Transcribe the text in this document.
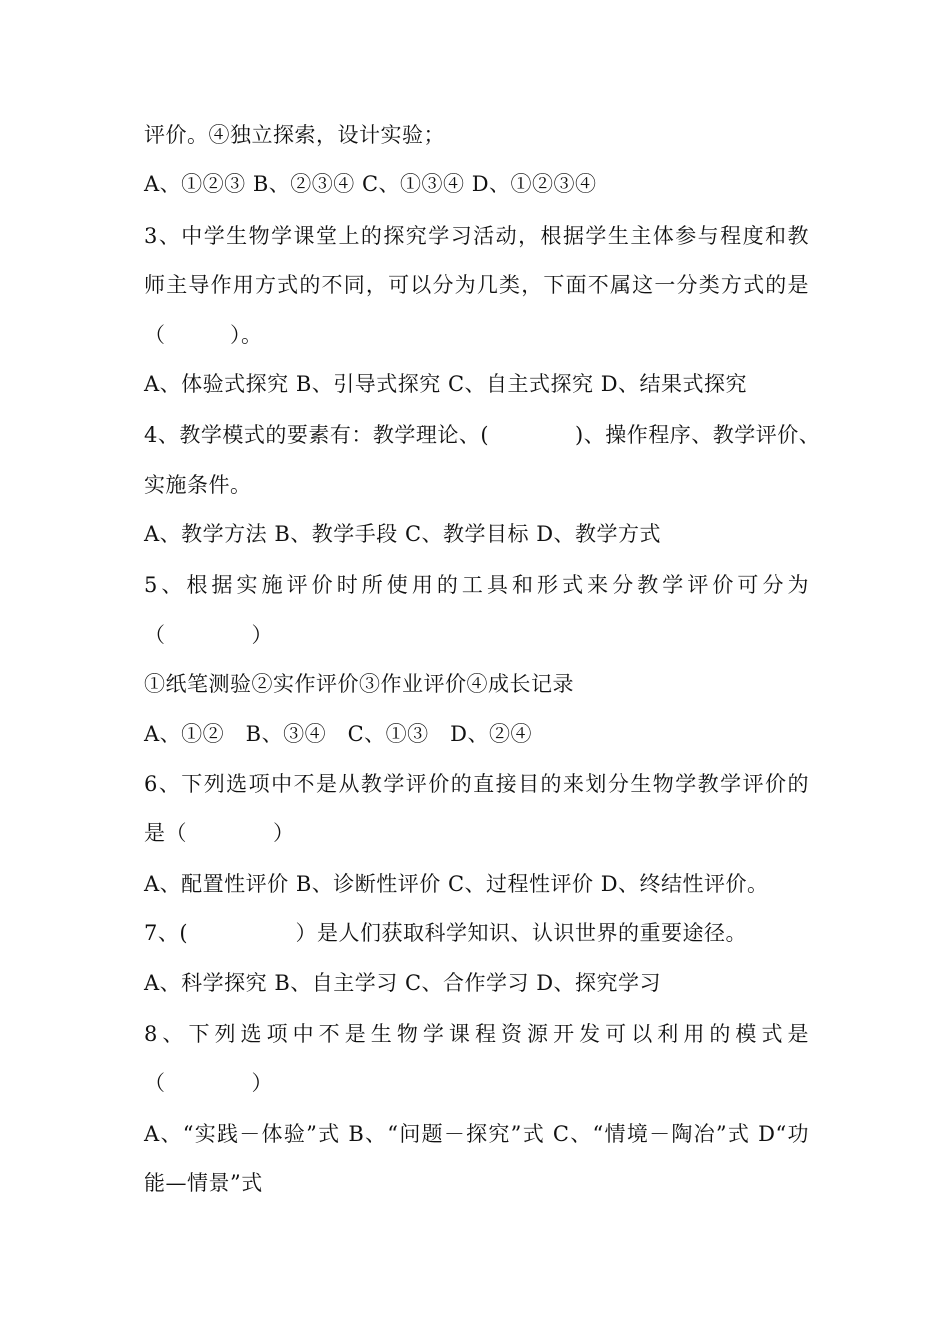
评价。④独立探索，设计实验；
A、①②③ B、②③④ C、①③④ D、①②③④
3、中学生物学课堂上的探究学习活动，根据学生主体参与程度和教
师主导作用方式的不同，可以分为几类，下面不属这一分类方式的是
（　　　）。
A、体验式探究 B、引导式探究 C、自主式探究 D、结果式探究
4、教学模式的要素有：教学理论、(　　　　)、操作程序、教学评价、
实施条件。
A、教学方法 B、教学手段 C、教学目标 D、教学方式
5、根据实施评价时所使用的工具和形式来分教学评价可分为
（　　　　）
①纸笔测验②实作评价③作业评价④成长记录
A、①②　B、③④　C、①③　D、②④
6、下列选项中不是从教学评价的直接目的来划分生物学教学评价的
是（　　　　）
A、配置性评价 B、诊断性评价 C、过程性评价 D、终结性评价。
7、(　　　　　）是人们获取科学知识、认识世界的重要途径。
A、科学探究 B、自主学习 C、合作学习 D、探究学习
8、下列选项中不是生物学课程资源开发可以利用的模式是
（　　　　）
A、“实践－体验”式 B、“问题－探究”式 C、“情境－陶冶”式 D“功
能—情景”式
